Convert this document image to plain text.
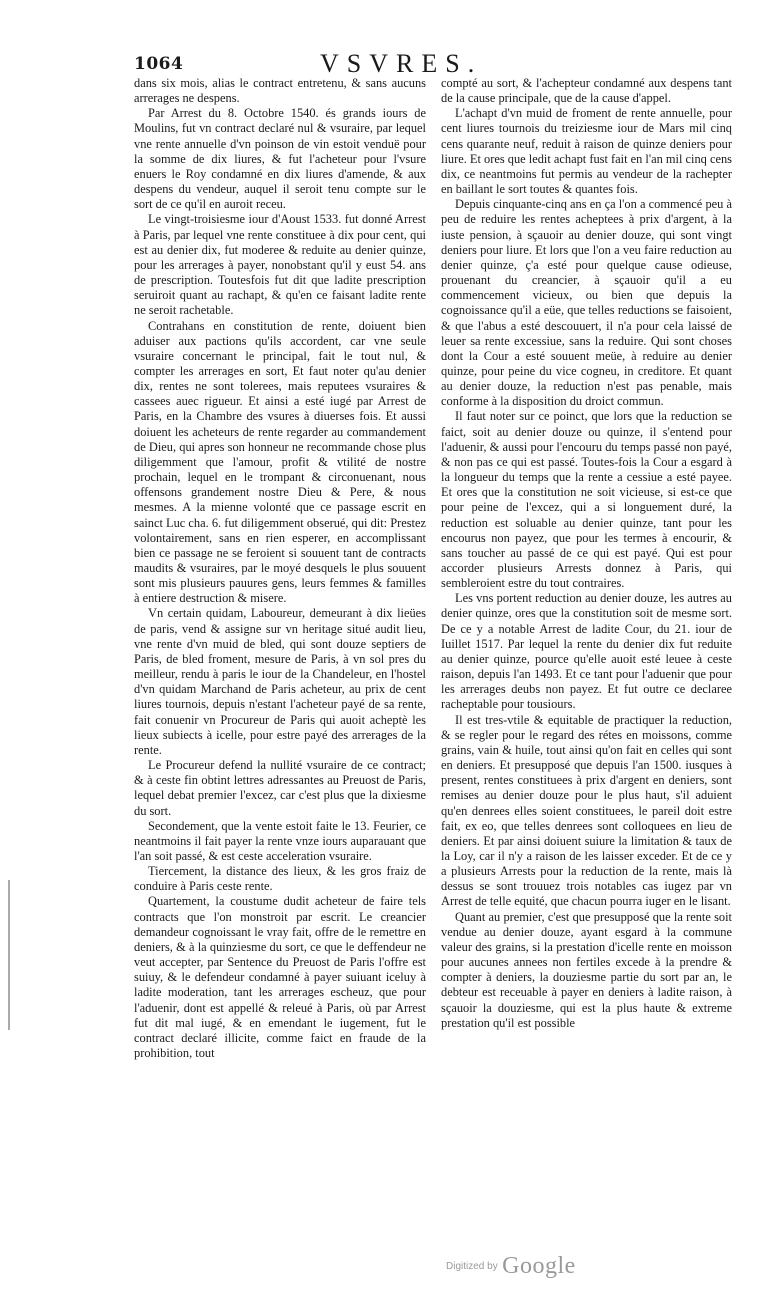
1064	VSVRES.

dans six mois, alias le contract entretenu, & sans aucuns arrerages ne despens.

Par Arrest du 8. Octobre 1540. és grands iours de Moulins, fut vn contract declaré nul & vsuraire, par lequel vne rente annuelle d'vn poinson de vin estoit venduë pour la somme de dix liures, & fut l'acheteur pour l'vsure enuers le Roy condamné en dix liures d'amende, & aux despens du vendeur, auquel il seroit tenu compte sur le sort de ce qu'il en auroit receu.

Le vingt-troisiesme iour d'Aoust 1533. fut donné Arrest à Paris, par lequel vne rente constituee à dix pour cent, qui est au denier dix, fut moderee & reduite au denier quinze, pour les arrerages à payer, nonobstant qu'il y eust 54. ans de prescription. Toutesfois fut dit que ladite prescription seruiroit quant au rachapt, & qu'en ce faisant ladite rente ne seroit rachetable.

Contrahans en constitution de rente, doiuent bien aduiser aux pactions qu'ils accordent, car vne seule vsuraire concernant le principal, fait le tout nul, & compter les arrerages en sort, Et faut noter qu'au denier dix, rentes ne sont tolerees, mais reputees vsuraires & cassees auec rigueur. Et ainsi a esté iugé par Arrest de Paris, en la Chambre des vsures à diuerses fois. Et aussi doiuent les acheteurs de rente regarder au commandement de Dieu, qui apres son honneur ne recommande chose plus diligemment que l'amour, profit & vtilité de nostre prochain, lequel en le trompant & circonuenant, nous offensons grandement nostre Dieu & Pere, & nous mesmes. A la mienne volonté que ce passage escrit en sainct Luc cha. 6. fut diligemment obserué, qui dit: Prestez volontairement, sans en rien esperer, en accomplissant bien ce passage ne se feroient si souuent tant de contracts maudits & vsuraires, par le moyé desquels le plus souuent sont mis plusieurs pauures gens, leurs femmes & familles à entiere destruction & misere.

Vn certain quidam, Laboureur, demeurant à dix lieües de paris, vend & assigne sur vn heritage situé audit lieu, vne rente d'vn muid de bled, qui sont douze septiers de Paris, de bled froment, mesure de Paris, à vn sol pres du meilleur, rendu à paris le iour de la Chandeleur, en l'hostel d'vn quidam Marchand de Paris acheteur, au prix de cent liures tournois, depuis n'estant l'acheteur payé de sa rente, fait conuenir vn Procureur de Paris qui auoit acheptè les lieux subiects à icelle, pour estre payé des arrerages de la rente.

Le Procureur defend la nullité vsuraire de ce contract; & à ceste fin obtint lettres adressantes au Preuost de Paris, lequel debat premier l'excez, car c'est plus que la dixiesme du sort.

Secondement, que la vente estoit faite le 13. Feurier, ce neantmoins il fait payer la rente vnze iours auparauant que l'an soit passé, & est ceste acceleration vsuraire.

Tiercement, la distance des lieux, & les gros fraiz de conduire à Paris ceste rente.

Quartement, la coustume dudit acheteur de faire tels contracts que l'on monstroit par escrit. Le creancier demandeur cognoissant le vray fait, offre de le remettre en deniers, & à la quinziesme du sort, ce que le deffendeur ne veut accepter, par Sentence du Preuost de Paris l'offre est suiuy, & le defendeur condamné à payer suiuant iceluy à ladite moderation, tant les arrerages escheuz, que pour l'aduenir, dont est appellé & releué à Paris, où par Arrest fut dit mal iugé, & en emendant le iugement, fut le contract declaré illicite, comme faict en fraude de la prohibition, tout

compté au sort, & l'achepteur condamné aux despens tant de la cause principale, que de la cause d'appel.

L'achapt d'vn muid de froment de rente annuelle, pour cent liures tournois du treiziesme iour de Mars mil cinq cens quarante neuf, reduit à raison de quinze deniers pour liure. Et ores que ledit achapt fust fait en l'an mil cinq cens dix, ce neantmoins fut permis au vendeur de la rachepter en baillant le sort toutes & quantes fois.

Depuis cinquante-cinq ans en ça l'on a commencé peu à peu de reduire les rentes acheptees à prix d'argent, à la iuste pension, à sçauoir au denier douze, qui sont vingt deniers pour liure. Et lors que l'on a veu faire reduction au denier quinze, ç'a esté pour quelque cause odieuse, prouenant du creancier, à sçauoir qu'il a eu commencement vicieux, ou bien que depuis la cognoissance qu'il a eüe, que telles reductions se faisoient, & que l'abus a esté descouuert, il n'a pour cela laissé de leuer sa rente excessiue, sans la reduire. Qui sont choses dont la Cour a esté souuent meüe, à reduire au denier quinze, pour peine du vice cogneu, in creditore. Et quant au denier douze, la reduction n'est pas penable, mais conforme à la disposition du droict commun.

Il faut noter sur ce poinct, que lors que la reduction se faict, soit au denier douze ou quinze, il s'entend pour l'aduenir, & aussi pour l'encouru du temps passé non payé, & non pas ce qui est passé. Toutes-fois la Cour a esgard à la longueur du temps que la rente a cessiue a esté payee. Et ores que la constitution ne soit vicieuse, si est-ce que pour peine de l'excez, qui a si longuement duré, la reduction est soluable au denier quinze, tant pour les encourus non payez, que pour les termes à encourir, & sans toucher au passé de ce qui est payé. Qui est pour accorder plusieurs Arrests donnez à Paris, qui sembleroient estre du tout contraires.

Les vns portent reduction au denier douze, les autres au denier quinze, ores que la constitution soit de mesme sort. De ce y a notable Arrest de ladite Cour, du 21. iour de Iuillet 1517. Par lequel la rente du denier dix fut reduite au denier quinze, pource qu'elle auoit esté leuee à ceste raison, depuis l'an 1493. Et ce tant pour l'aduenir que pour les arrerages deubs non payez. Et fut outre ce declaree racheptable pour tousiours.

Il est tres-vtile & equitable de practiquer la reduction, & se regler pour le regard des rétes en moissons, comme grains, vain & huile, tout ainsi qu'on fait en celles qui sont en deniers. Et presupposé que depuis l'an 1500. iusques à present, rentes constituees à prix d'argent en deniers, sont remises au denier douze pour le plus haut, s'il aduient qu'en denrees elles soient constituees, le pareil doit estre fait, ex eo, que telles denrees sont colloquees en lieu de deniers. Et par ainsi doiuent suiure la limitation & taux de la Loy, car il n'y a raison de les laisser exceder. Et de ce y a plusieurs Arrests pour la reduction de la rente, mais là dessus se sont trouuez trois notables cas iugez par vn Arrest de telle equité, que chacun pourra iuger en le lisant.

Quant au premier, c'est que presupposé que la rente soit vendue au denier douze, ayant esgard à la commune valeur des grains, si la prestation d'icelle rente en moisson pour aucunes annees non fertiles excede à la prendre & compter à deniers, la douziesme partie du sort par an, le debteur est receuable à payer en deniers à ladite raison, à sçauoir la douziesme, qui est la plus haute & extreme prestation qu'il est possible

Digitized by Google
